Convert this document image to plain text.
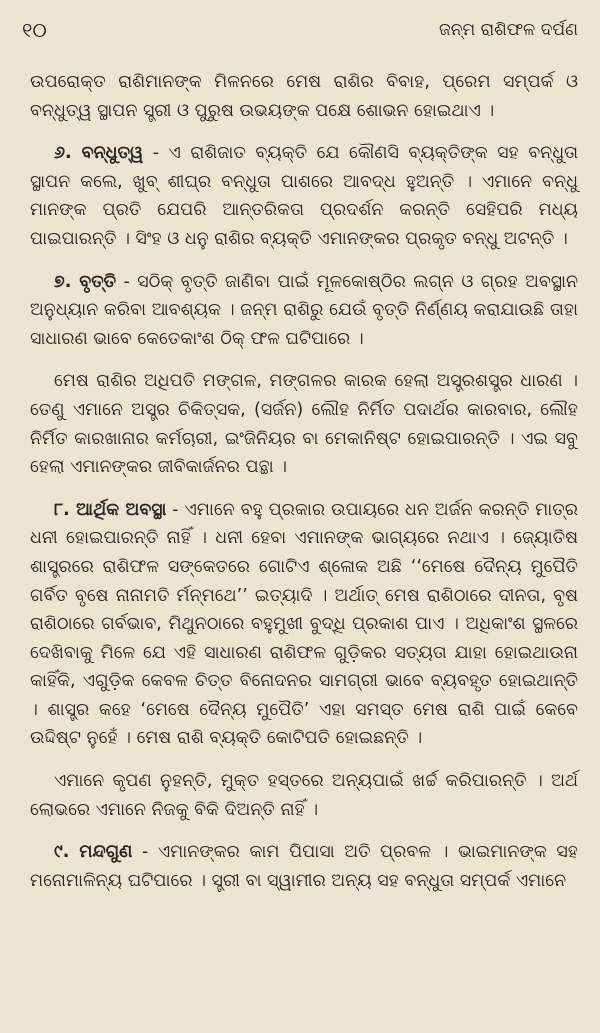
୧୦	ଜନ୍ମ ରାଶିଫଳ ଦର୍ପଣ

ଉପରୋକ୍ତ ରାଶିମାନଙ୍କ ମିଳନରେ ମେଷ ରାଶିର ବିବାହ, ପ୍ରେମ ସମ୍ପର୍କ ଓ ବନ୍ଧୁତ୍ୱ ସ୍ଥାପନ ସ୍ତ୍ରୀ ଓ ପୁରୁଷ ଉଭୟଙ୍କ ପକ୍ଷେ ଶୋଭନ ହୋଇଥାଏ ।

୬. ବନ୍ଧୁତ୍ୱ - ଏ ରାଶିଜାତ ବ୍ୟକ୍ତି ଯେ କୌଣସି ବ୍ୟକ୍ତିଙ୍କ ସହ ବନ୍ଧୁତା ସ୍ଥାପନ କଲେ, ଖୁବ୍ ଶୀଘ୍ର ବନ୍ଧୁତା ପାଶରେ ଆବଦ୍ଧ ହୁଅନ୍ତି । ଏମାନେ ବନ୍ଧୁ ମାନଙ୍କ ପ୍ରତି ଯେପରି ଆନ୍ତରିକତା ପ୍ରଦର୍ଶନ କରନ୍ତି ସେହିପରି ମଧ୍ୟ ପାଇପାରନ୍ତି । ସିଂହ ଓ ଧନୁ ରାଶିର ବ୍ୟକ୍ତି ଏମାନଙ୍କର ପ୍ରକୃତ ବନ୍ଧୁ ଅଟନ୍ତି ।

୭. ବୃତ୍ତି - ସଠିକ୍ ବୃତ୍ତି ଜାଣିବା ପାଇଁ ମୂଳକୋଷ୍ଠିର ଲଗ୍ନ ଓ ଗ୍ରହ ଅବସ୍ଥାନ ଅନୁଧ୍ୟାନ କରିବା ଆବଶ୍ୟକ । ଜନ୍ମ ରାଶିରୁ ଯେଉଁ ବୃତ୍ତି ନିର୍ଣ୍ଣୟ କରାଯାଉଛି ତାହା ସାଧାରଣ ଭାବେ କେତେକାଂଶ ଠିକ୍ ଫଳ ଘଟିପାରେ ।

ମେଷ ରାଶିର ଅଧିପତି ମଙ୍ଗଳ, ମଙ୍ଗଳର କାରକ ହେଲା ଅସ୍ତ୍ରଶସ୍ତ୍ର ଧାରଣ । ତେଣୁ ଏମାନେ ଅସ୍ତ୍ର ଚିକିତ୍ସକ, (ସର୍ଜନ) ଲୌହ ନିର୍ମିତ ପଦାର୍ଥର କାରବାର, ଲୌହ ନିର୍ମିତ କାରଖାନାର କର୍ମଚାରୀ, ଇଂଜିନିୟର ବା ମେକାନିଷ୍ଟ ହୋଇପାରନ୍ତି । ଏଇ ସବୁ ହେଲା ଏମାନଙ୍କର ଜୀବିକାର୍ଜନର ପନ୍ଥା ।

୮. ଆର୍ଥିକ ଅବସ୍ଥା - ଏମାନେ ବହୁ ପ୍ରକାର ଉପାୟରେ ଧନ ଅର୍ଜନ କରନ୍ତି ମାତ୍ର ଧନୀ ହୋଇପାରନ୍ତି ନାହିଁ । ଧନୀ ହେବା ଏମାନଙ୍କ ଭାଗ୍ୟରେ ନଥାଏ । ଜ୍ୟୋତିଷ ଶାସ୍ତ୍ରରେ ରାଶିଫଳ ସଙ୍କେତରେ ଗୋଟିଏ ଶ୍ଳୋକ ଅଛି ‘‘ମେଷେ ଦୈନ୍ୟ ମୁପୈତି ଗର୍ବିତ ବୃଷେ ନାନାମତି ର୍ମନ୍ମଥେ’’ ଇତ୍ୟାଦି । ଅର୍ଥାତ୍ ମେଷ ରାଶିଠାରେ ଦୀନତା, ବୃଷ ରାଶିଠାରେ ଗର୍ବଭାବ, ମିଥୁନଠାରେ ବହୁମୁଖୀ ବୁଦ୍ଧି ପ୍ରକାଶ ପାଏ । ଅଧିକାଂଶ ସ୍ଥଳରେ ଦେଖିବାକୁ ମିଳେ ଯେ ଏହି ସାଧାରଣ ରାଶିଫଳ ଗୁଡ଼ିକର ସତ୍ୟତା ଯାହା ହୋଇଥାଉନା କାହିଁକି, ଏଗୁଡ଼ିକ କେବଳ ଚିତ୍ତ ବିନୋଦନର ସାମଗ୍ରୀ ଭାବେ ବ୍ୟବହୃତ ହୋଇଥାନ୍ତି । ଶାସ୍ତ୍ର କହେ ‘ମେଷେ ଦୈନ୍ୟ ମୁପୈତି’ ଏହା ସମସ୍ତ ମେଷ ରାଶି ପାଇଁ କେବେ ଉଦ୍ଦିଷ୍ଟ ନୁହେଁ । ମେଷ ରାଶି ବ୍ୟକ୍ତି କୋଟିପତି ହୋଇଛନ୍ତି ।

ଏମାନେ କୃପଣ ନୁହନ୍ତି, ମୁକ୍ତ ହସ୍ତରେ ଅନ୍ୟପାଇଁ ଖର୍ଚ୍ଚ କରିପାରନ୍ତି । ଅର୍ଥ ଲୋଭରେ ଏମାନେ ନିଜକୁ ବିକି ଦିଅନ୍ତି ନାହିଁ ।

୯. ମନ୍ଦଗୁଣ - ଏମାନଙ୍କର କାମ ପିପାସା ଅତି ପ୍ରବଳ । ଭାଇମାନଙ୍କ ସହ ମନୋମାଳିନ୍ୟ ଘଟିପାରେ । ସ୍ତ୍ରୀ ବା ସ୍ୱାମୀର ଅନ୍ୟ ସହ ବନ୍ଧୁତା ସମ୍ପର୍କ ଏମାନେ
